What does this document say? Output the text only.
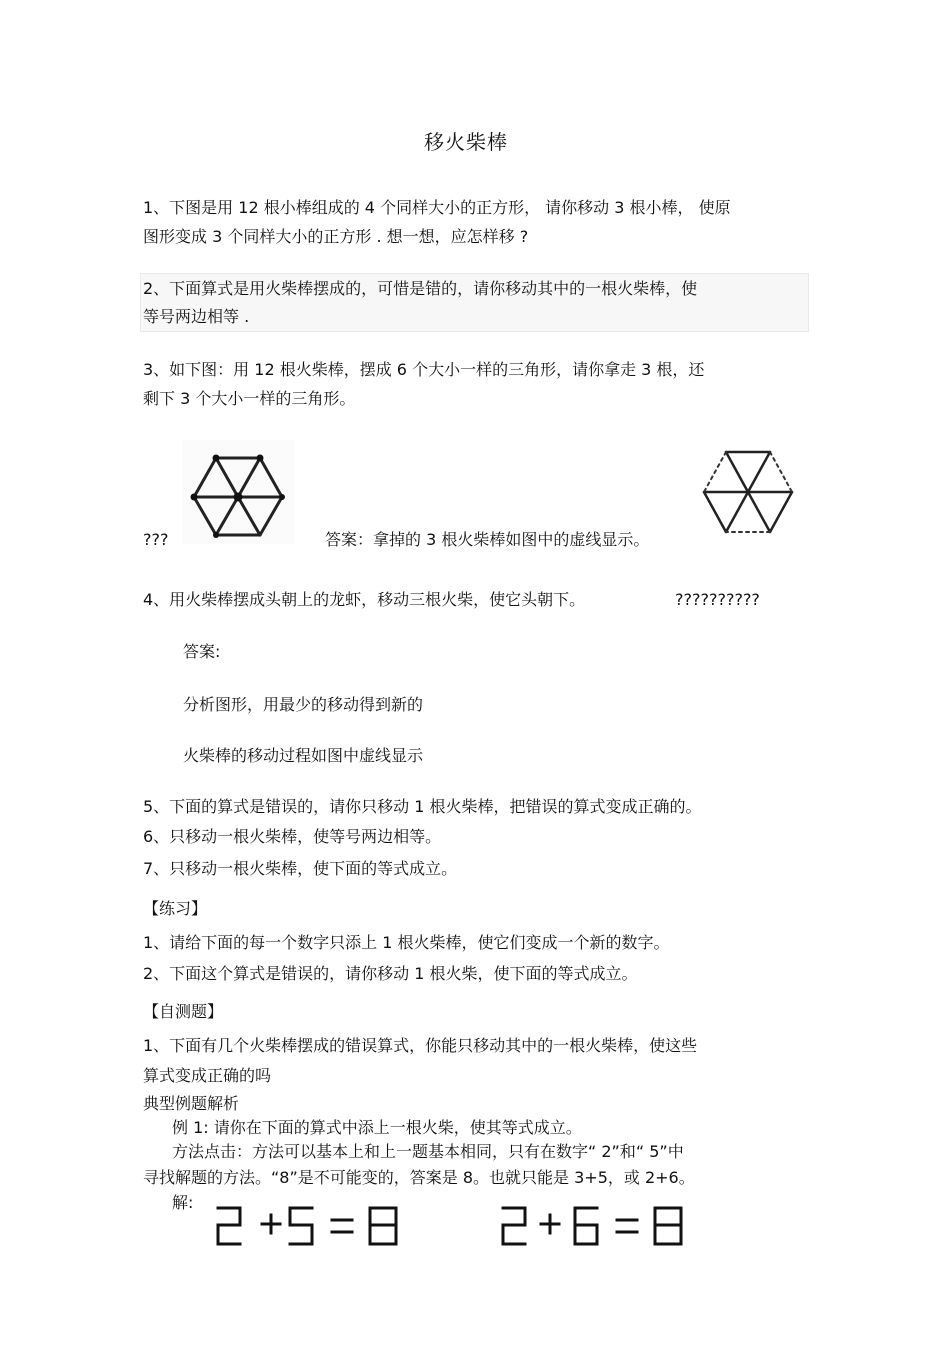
移火柴棒
1、下图是用 12 根小棒组成的 4 个同样大小的正方形， 请你移动 3 根小棒， 使原
图形变成 3 个同样大小的正方形 . 想一想，应怎样移 ?
2、下面算式是用火柴棒摆成的，可惜是错的，请你移动其中的一根火柴棒，使
等号两边相等 .
3、如下图：用 12 根火柴棒，摆成 6 个大小一样的三角形，请你拿走 3 根，还
剩下 3 个大小一样的三角形。
???	答案：拿掉的 3 根火柴棒如图中的虚线显示。
4、用火柴棒摆成头朝上的龙虾，移动三根火柴，使它头朝下。	??????????
答案:
分析图形，用最少的移动得到新的
火柴棒的移动过程如图中虚线显示
5、下面的算式是错误的，请你只移动 1 根火柴棒，把错误的算式变成正确的。
6、只移动一根火柴棒，使等号两边相等。
7、只移动一根火柴棒，使下面的等式成立。
【练习】
1、请给下面的每一个数字只添上 1 根火柴棒，使它们变成一个新的数字。
2、下面这个算式是错误的，请你移动 1 根火柴，使下面的等式成立。
【自测题】
1、下面有几个火柴棒摆成的错误算式，你能只移动其中的一根火柴棒，使这些
算式变成正确的吗
典型例题解析
例 1: 请你在下面的算式中添上一根火柴，使其等式成立。
方法点击：方法可以基本上和上一题基本相同，只有在数字“ 2”和“ 5”中
寻找解题的方法。“8”是不可能变的，答案是 8。也就只能是 3+5，或 2+6。
解:
